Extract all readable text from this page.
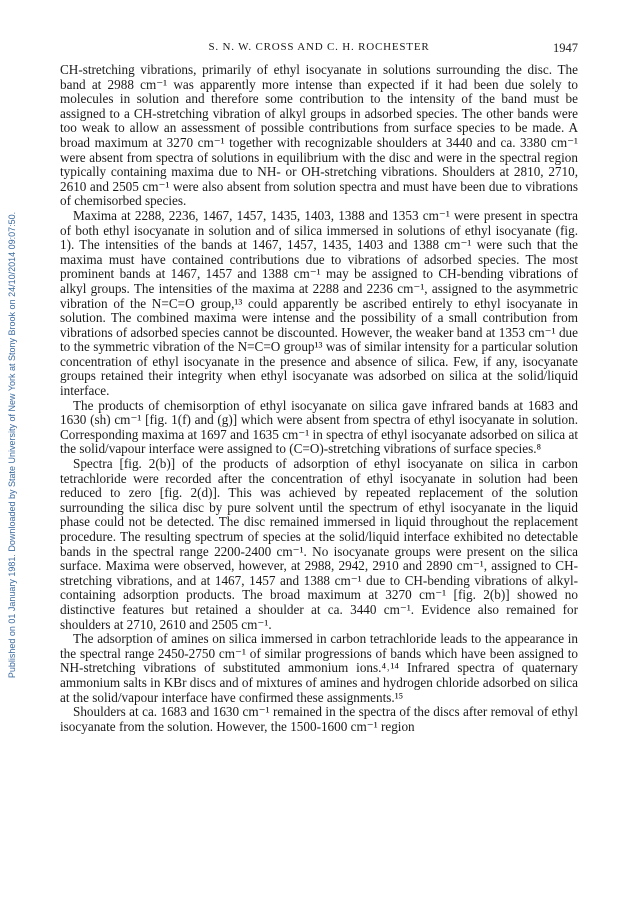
S. N. W. CROSS AND C. H. ROCHESTER	1947
Published on 01 January 1981. Downloaded by State University of New York at Stony Brook on 24/10/2014 09:07:50.

CH-stretching vibrations, primarily of ethyl isocyanate in solutions surrounding the disc. The band at 2988 cm⁻¹ was apparently more intense than expected if it had been due solely to molecules in solution and therefore some contribution to the intensity of the band must be assigned to a CH-stretching vibration of alkyl groups in adsorbed species. The other bands were too weak to allow an assessment of possible contributions from surface species to be made. A broad maximum at 3270 cm⁻¹ together with recognizable shoulders at 3440 and ca. 3380 cm⁻¹ were absent from spectra of solutions in equilibrium with the disc and were in the spectral region typically containing maxima due to NH- or OH-stretching vibrations. Shoulders at 2810, 2710, 2610 and 2505 cm⁻¹ were also absent from solution spectra and must have been due to vibrations of chemisorbed species.

Maxima at 2288, 2236, 1467, 1457, 1435, 1403, 1388 and 1353 cm⁻¹ were present in spectra of both ethyl isocyanate in solution and of silica immersed in solutions of ethyl isocyanate (fig. 1). The intensities of the bands at 1467, 1457, 1435, 1403 and 1388 cm⁻¹ were such that the maxima must have contained contributions due to vibrations of adsorbed species. The most prominent bands at 1467, 1457 and 1388 cm⁻¹ may be assigned to CH-bending vibrations of alkyl groups. The intensities of the maxima at 2288 and 2236 cm⁻¹, assigned to the asymmetric vibration of the N=C=O group,¹³ could apparently be ascribed entirely to ethyl isocyanate in solution. The combined maxima were intense and the possibility of a small contribution from vibrations of adsorbed species cannot be discounted. However, the weaker band at 1353 cm⁻¹ due to the symmetric vibration of the N=C=O group¹³ was of similar intensity for a particular solution concentration of ethyl isocyanate in the presence and absence of silica. Few, if any, isocyanate groups retained their integrity when ethyl isocyanate was adsorbed on silica at the solid/liquid interface.

The products of chemisorption of ethyl isocyanate on silica gave infrared bands at 1683 and 1630 (sh) cm⁻¹ [fig. 1(f) and (g)] which were absent from spectra of ethyl isocyanate in solution. Corresponding maxima at 1697 and 1635 cm⁻¹ in spectra of ethyl isocyanate adsorbed on silica at the solid/vapour interface were assigned to (C=O)-stretching vibrations of surface species.⁸

Spectra [fig. 2(b)] of the products of adsorption of ethyl isocyanate on silica in carbon tetrachloride were recorded after the concentration of ethyl isocyanate in solution had been reduced to zero [fig. 2(d)]. This was achieved by repeated replacement of the solution surrounding the silica disc by pure solvent until the spectrum of ethyl isocyanate in the liquid phase could not be detected. The disc remained immersed in liquid throughout the replacement procedure. The resulting spectrum of species at the solid/liquid interface exhibited no detectable bands in the spectral range 2200-2400 cm⁻¹. No isocyanate groups were present on the silica surface. Maxima were observed, however, at 2988, 2942, 2910 and 2890 cm⁻¹, assigned to CH-stretching vibrations, and at 1467, 1457 and 1388 cm⁻¹ due to CH-bending vibrations of alkyl-containing adsorption products. The broad maximum at 3270 cm⁻¹ [fig. 2(b)] showed no distinctive features but retained a shoulder at ca. 3440 cm⁻¹. Evidence also remained for shoulders at 2710, 2610 and 2505 cm⁻¹.

The adsorption of amines on silica immersed in carbon tetrachloride leads to the appearance in the spectral range 2450-2750 cm⁻¹ of similar progressions of bands which have been assigned to NH-stretching vibrations of substituted ammonium ions.⁴˒¹⁴ Infrared spectra of quaternary ammonium salts in KBr discs and of mixtures of amines and hydrogen chloride adsorbed on silica at the solid/vapour interface have confirmed these assignments.¹⁵

Shoulders at ca. 1683 and 1630 cm⁻¹ remained in the spectra of the discs after removal of ethyl isocyanate from the solution. However, the 1500-1600 cm⁻¹ region
